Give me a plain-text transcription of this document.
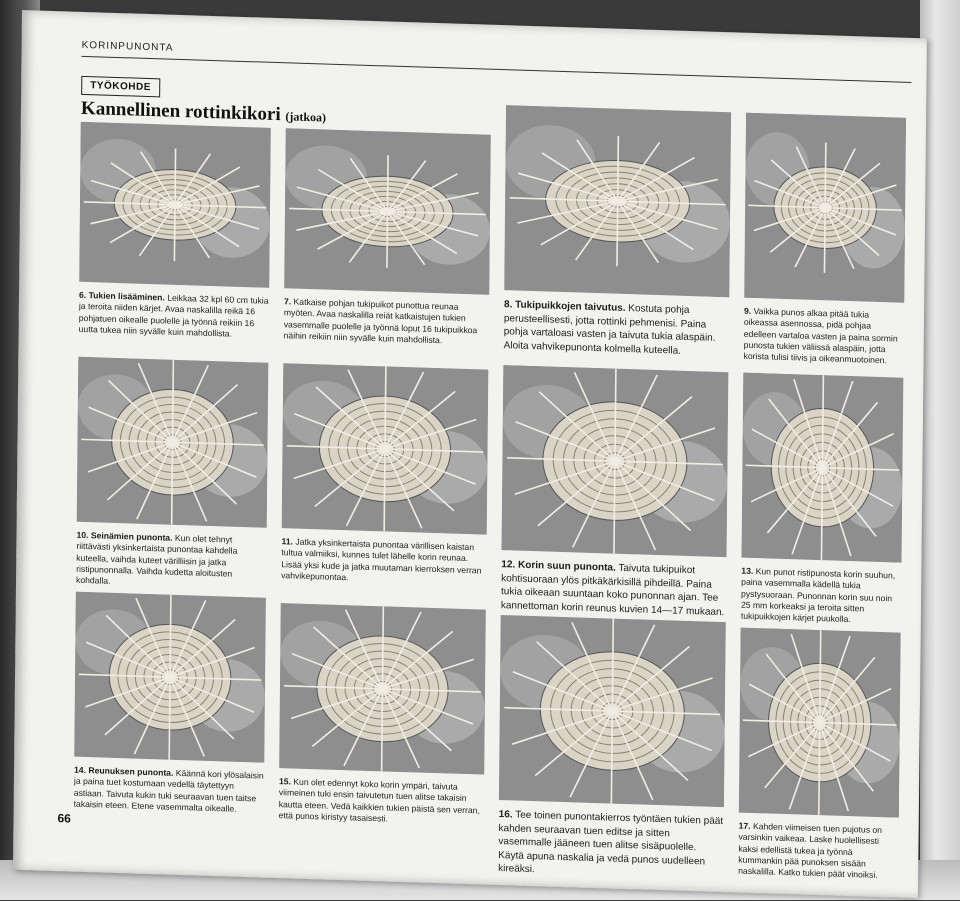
KORINPUNONTA
TYÖKOHDE
Kannellinen rottinkikori (jatkoa)
6. Tukien lisääminen. Leikkaa 32 kpl 60 cm tukia ja teroita niiden kärjet. Avaa naskalilla reikä 16 pohjatuen oikealle puolelle ja työnnä reikiin 16 uutta tukea niin syvälle kuin mahdollista.
7. Katkaise pohjan tukipuikot punottua reunaa myöten. Avaa naskalilla reiät katkaistujen tukien vasemmalle puolelle ja työnnä loput 16 tukipuikkoa näihin reikiin niin syvälle kuin mahdollista.
8. Tukipuikkojen taivutus. Kostuta pohja perusteellisesti, jotta rottinki pehmenisi. Paina pohja vartaloasi vasten ja taivuta tukia alaspäin. Aloita vahvikepunonta kolmella kuteella.
9. Vaikka punos alkaa pitää tukia oikeassa asennossa, pidä pohjaa edelleen vartaloa vasten ja paina sormin punosta tukien väliissä alaspäin, jotta korista tulisi tiivis ja oikeanmuotoinen.
10. Seinämien punonta. Kun olet tehnyt riittävästi yksinkertaista punontaa kahdella kuteella, vaihda kuteet värilliisin ja jatka ristipunonnalla. Vaihda kudetta aloitusten kohdalla.
11. Jatka yksinkertaista punontaa värillisen kaistan tultua valmiiksi, kunnes tulet lähelle korin reunaa. Lisää yksi kude ja jatka muutaman kierroksen verran vahvikepunontaa.
12. Korin suun punonta. Taivuta tukipuikot kohtisuoraan ylös pitkäkärkisillä pihdeillä. Paina tukia oikeaan suuntaan koko punonnan ajan. Tee kannettoman korin reunus kuvien 14—17 mukaan.
13. Kun punot ristipunosta korin suuhun, paina vasemmalla kädellä tukia pystysuoraan. Punonnan korin suu noin 25 mm korkeaksi ja teroita sitten tukipuikkojen kärjet puukolla.
14. Reunuksen punonta. Käännä kori ylösalaisin ja paina tuet kostumaan vedellä täytettyyn astiaan. Taivuta kukin tuki seuraavan tuen taitse takaisin eteen. Etene vasemmalta oikealle.
15. Kun olet edennyt koko korin ympäri, taivuta viimeinen tuki ensin taivutetun tuen alitse takaisin kautta eteen. Vedä kaikkien tukien päistä sen verran, että punos kiristyy tasaisesti.	16. Tee toinen punontakierros työntäen tukien päät kahden seuraavan tuen editse ja sitten vasemmalle jääneen tuen alitse sisäpuolelle. Käytä apuna naskalia ja vedä punos uudelleen kireäksi.
17. Kahden viimeisen tuen pujotus on varsinkin vaikeaa. Laske huolellisesti kaksi edellistä tukea ja työnnä kummankin pää punoksen sisään naskalilla. Katko tukien päät vinoiksi.
66
